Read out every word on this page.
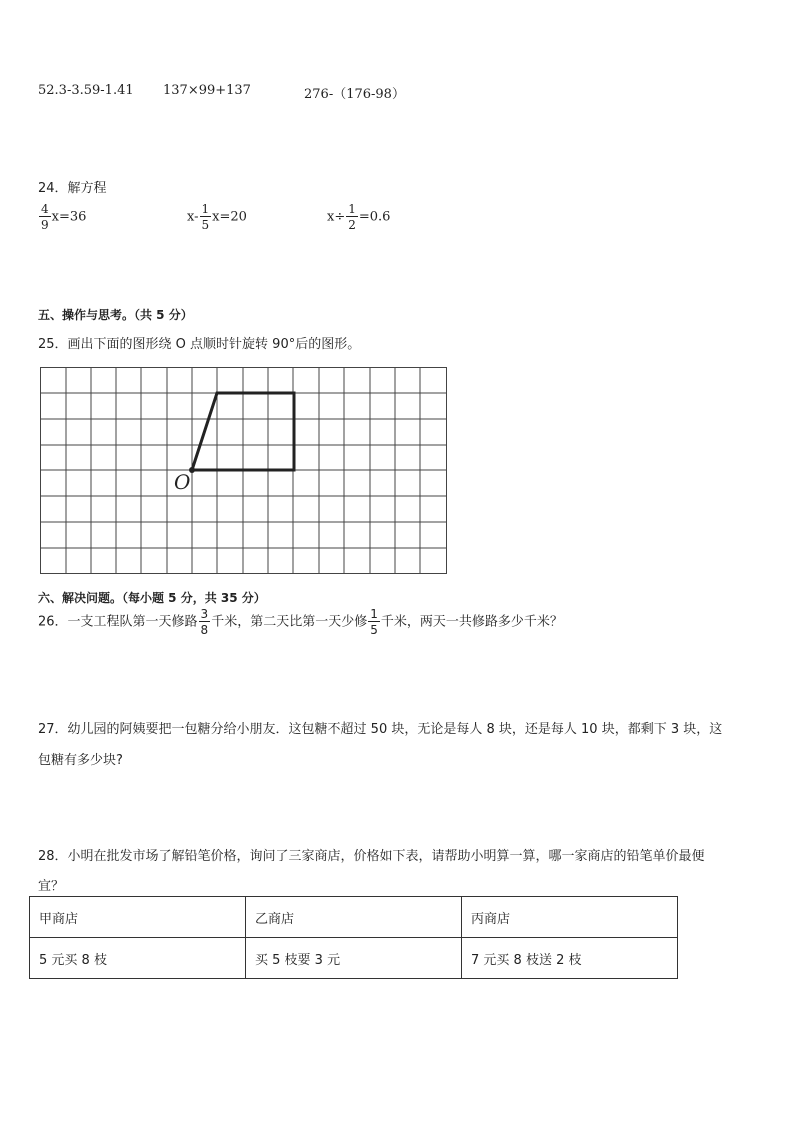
52.3-3.59-1.41 137×99+137	276-（176-98）
24．解方程
$\frac{4}{9} x=36$	$x- \frac{1}{5} x=20$	$x\div \frac{1}{2} =0.6$
五、操作与思考。（共 5 分）
25．画出下面的图形绕 O 点顺时针旋转 90°后的图形。
O
六、解决问题。（每小题 5 分，共 35 分）
26．一支工程队第一天修路 $\frac{3}{8}$ 千米，第二天比第一天少修 $\frac{1}{5}$ 千米，两天一共修路多少千米？
27．幼儿园的阿姨要把一包糖分给小朋友．这包糖不超过 50 块，无论是每人 8 块，还是每人 10 块，都剩下 3 块，这
包糖有多少块?
28．小明在批发市场了解铅笔价格，询问了三家商店，价格如下表，请帮助小明算一算，哪一家商店的铅笔单价最便
宜？
甲商店	乙商店	丙商店
5 元买 8 枝	买 5 枝要 3 元	7 元买 8 枝送 2 枝
